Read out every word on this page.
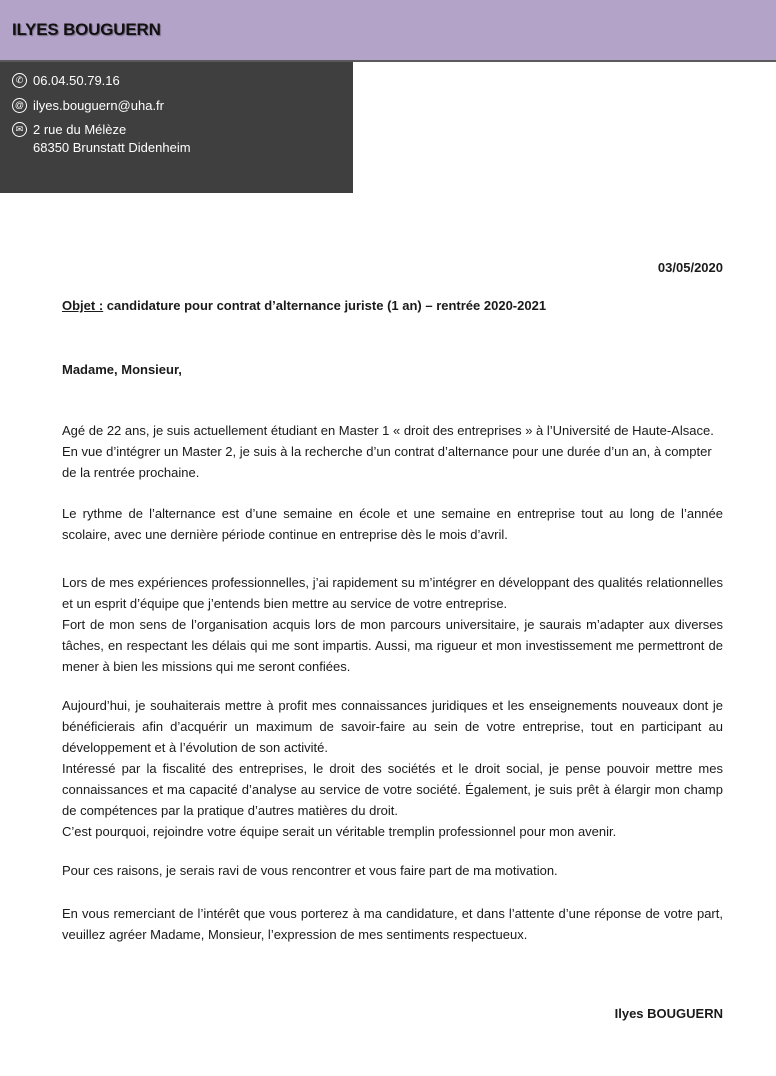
ILYES BOUGUERN
✆ 06.04.50.79.16
@ ilyes.bouguern@uha.fr
✉ 2 rue du Mélèze
68350 Brunstatt Didenheim
03/05/2020
Objet : candidature pour contrat d’alternance juriste (1 an) – rentrée 2020-2021
Madame, Monsieur,
Agé de 22 ans, je suis actuellement étudiant en Master 1 « droit des entreprises » à l’Université de Haute-Alsace.
En vue d’intégrer un Master 2, je suis à la recherche d’un contrat d’alternance pour une durée d’un an, à compter de la rentrée prochaine.
Le rythme de l’alternance est d’une semaine en école et une semaine en entreprise tout au long de l’année scolaire, avec une dernière période continue en entreprise dès le mois d’avril.
Lors de mes expériences professionnelles, j’ai rapidement su m’intégrer en développant des qualités relationnelles et un esprit d’équipe que j’entends bien mettre au service de votre entreprise.
Fort de mon sens de l’organisation acquis lors de mon parcours universitaire, je saurais m’adapter aux diverses tâches, en respectant les délais qui me sont impartis. Aussi, ma rigueur et mon investissement me permettront de mener à bien les missions qui me seront confiées.
Aujourd’hui, je souhaiterais mettre à profit mes connaissances juridiques et les enseignements nouveaux dont je bénéficierais afin d’acquérir un maximum de savoir-faire au sein de votre entreprise, tout en participant au développement et à l’évolution de son activité.
Intéressé par la fiscalité des entreprises, le droit des sociétés et le droit social, je pense pouvoir mettre mes connaissances et ma capacité d’analyse au service de votre société. Également, je suis prêt à élargir mon champ de compétences par la pratique d’autres matières du droit.
C’est pourquoi, rejoindre votre équipe serait un véritable tremplin professionnel pour mon avenir.
Pour ces raisons, je serais ravi de vous rencontrer et vous faire part de ma motivation.
En vous remerciant de l’intérêt que vous porterez à ma candidature, et dans l’attente d’une réponse de votre part, veuillez agréer Madame, Monsieur, l’expression de mes sentiments respectueux.
Ilyes BOUGUERN
